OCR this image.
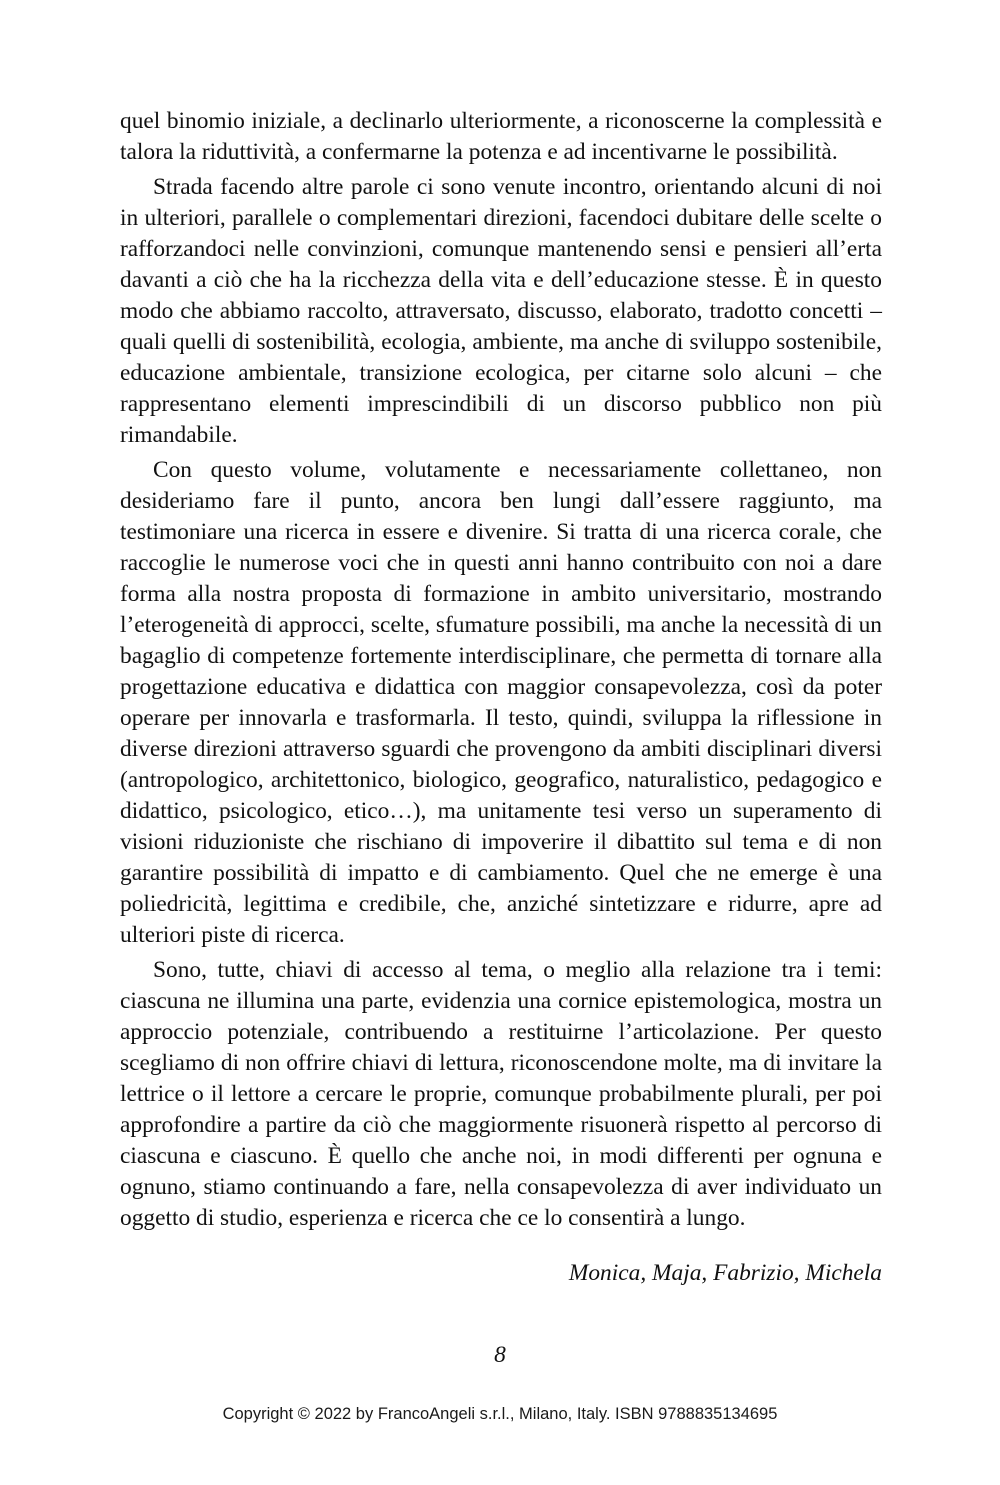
quel binomio iniziale, a declinarlo ulteriormente, a riconoscerne la complessità e talora la riduttività, a confermarne la potenza e ad incentivarne le possibilità.

Strada facendo altre parole ci sono venute incontro, orientando alcuni di noi in ulteriori, parallele o complementari direzioni, facendoci dubitare delle scelte o rafforzandoci nelle convinzioni, comunque mantenendo sensi e pensieri all’erta davanti a ciò che ha la ricchezza della vita e dell’educazione stesse. È in questo modo che abbiamo raccolto, attraversato, discusso, elaborato, tradotto concetti – quali quelli di sostenibilità, ecologia, ambiente, ma anche di sviluppo sostenibile, educazione ambientale, transizione ecologica, per citarne solo alcuni – che rappresentano elementi imprescindibili di un discorso pubblico non più rimandabile.

Con questo volume, volutamente e necessariamente collettaneo, non desideriamo fare il punto, ancora ben lungi dall’essere raggiunto, ma testimoniare una ricerca in essere e divenire. Si tratta di una ricerca corale, che raccoglie le numerose voci che in questi anni hanno contribuito con noi a dare forma alla nostra proposta di formazione in ambito universitario, mostrando l’eterogeneità di approcci, scelte, sfumature possibili, ma anche la necessità di un bagaglio di competenze fortemente interdisciplinare, che permetta di tornare alla progettazione educativa e didattica con maggior consapevolezza, così da poter operare per innovarla e trasformarla. Il testo, quindi, sviluppa la riflessione in diverse direzioni attraverso sguardi che provengono da ambiti disciplinari diversi (antropologico, architettonico, biologico, geografico, naturalistico, pedagogico e didattico, psicologico, etico…), ma unitamente tesi verso un superamento di visioni riduzioniste che rischiano di impoverire il dibattito sul tema e di non garantire possibilità di impatto e di cambiamento. Quel che ne emerge è una poliedricità, legittima e credibile, che, anziché sintetizzare e ridurre, apre ad ulteriori piste di ricerca.

Sono, tutte, chiavi di accesso al tema, o meglio alla relazione tra i temi: ciascuna ne illumina una parte, evidenzia una cornice epistemologica, mostra un approccio potenziale, contribuendo a restituirne l’articolazione. Per questo scegliamo di non offrire chiavi di lettura, riconoscendone molte, ma di invitare la lettrice o il lettore a cercare le proprie, comunque probabilmente plurali, per poi approfondire a partire da ciò che maggiormente risuonerà rispetto al percorso di ciascuna e ciascuno. È quello che anche noi, in modi differenti per ognuna e ognuno, stiamo continuando a fare, nella consapevolezza di aver individuato un oggetto di studio, esperienza e ricerca che ce lo consentirà a lungo.

Monica, Maja, Fabrizio, Michela
8
Copyright © 2022 by FrancoAngeli s.r.l., Milano, Italy. ISBN 9788835134695
